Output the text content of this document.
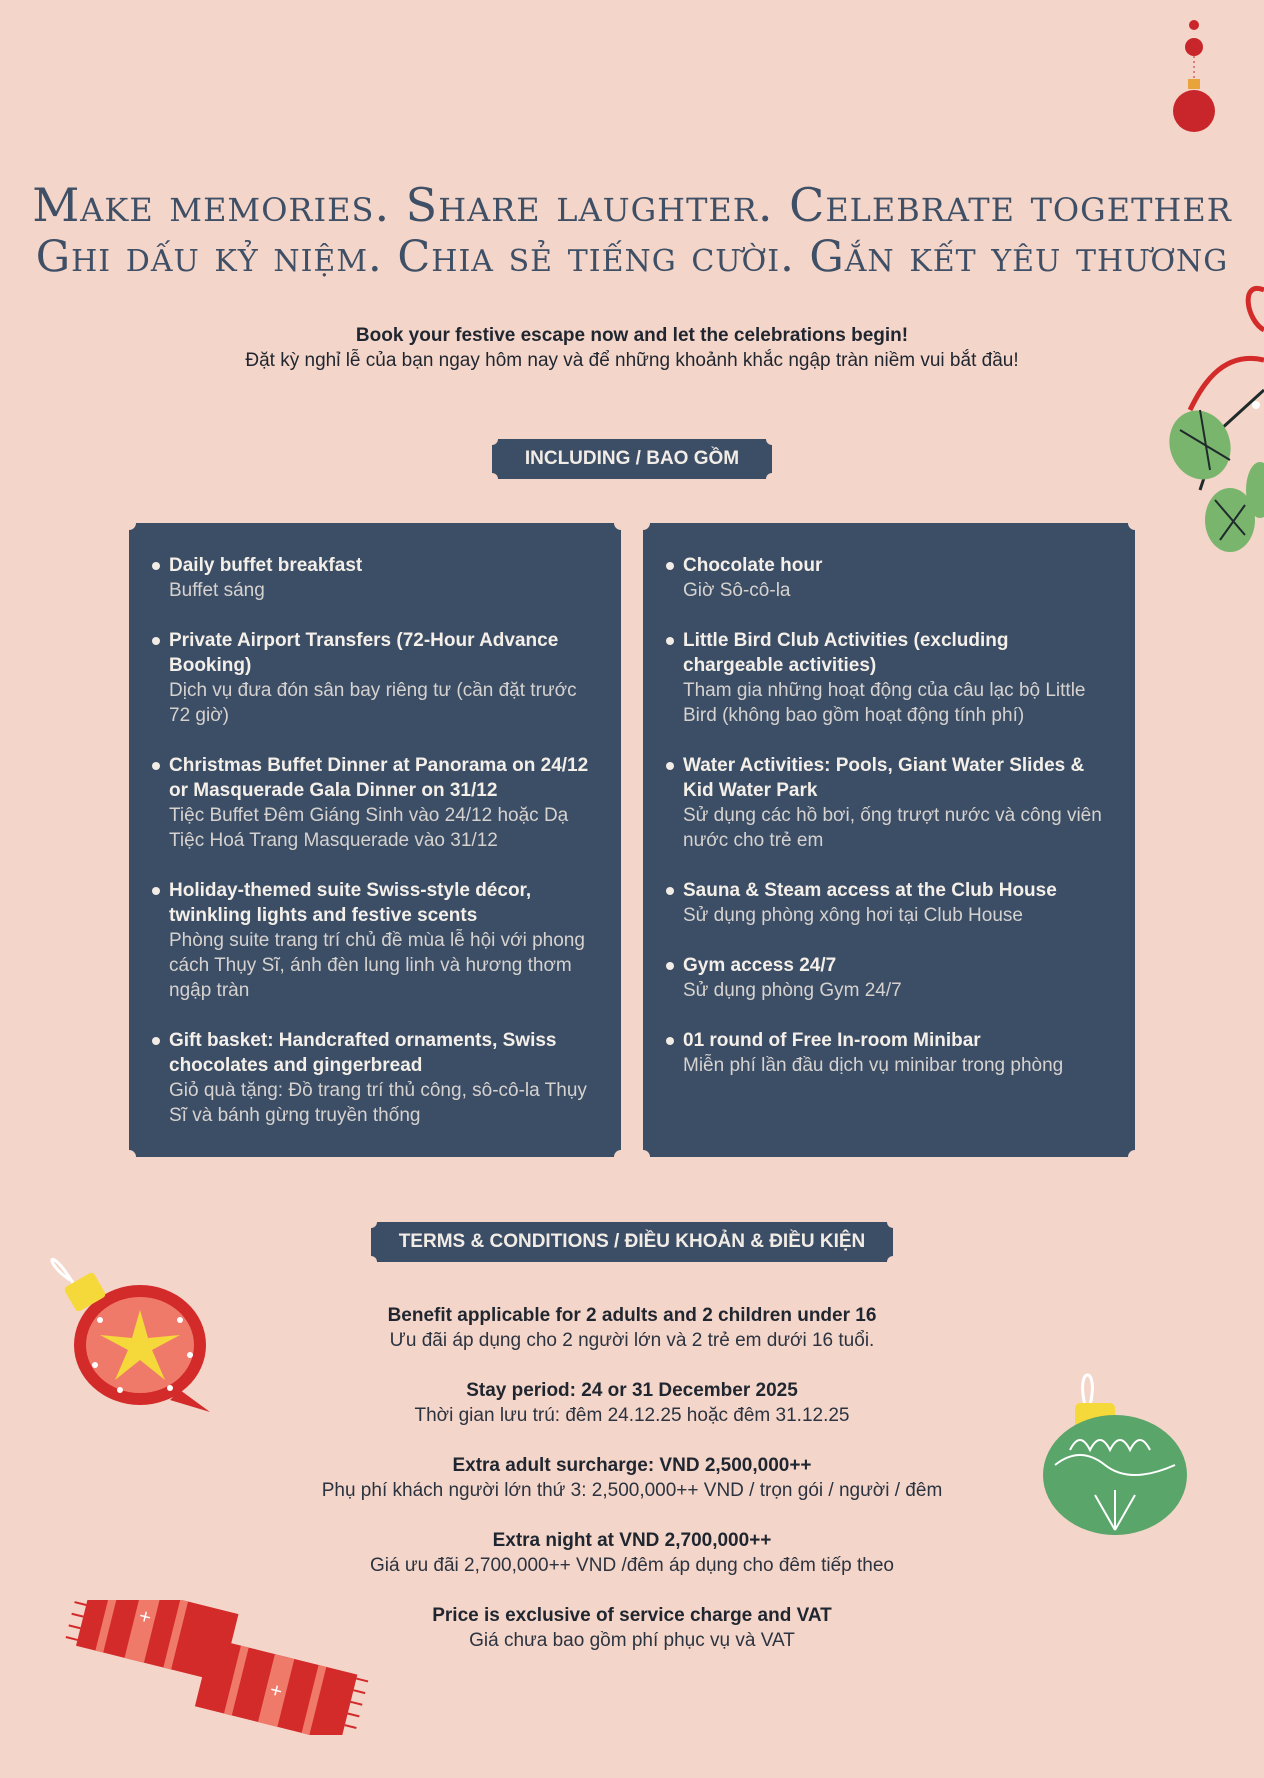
Make memories. Share laughter. Celebrate together
Ghi dấu kỷ niệm. Chia sẻ tiếng cười. Gắn kết yêu thương
Book your festive escape now and let the celebrations begin!
Đặt kỳ nghỉ lễ của bạn ngay hôm nay và để những khoảnh khắc ngập tràn niềm vui bắt đầu!
INCLUDING / BAO GỒM
Daily buffet breakfast
Buffet sáng
Private Airport Transfers (72-Hour Advance Booking)
Dịch vụ đưa đón sân bay riêng tư (cần đặt trước 72 giờ)
Christmas Buffet Dinner at Panorama on 24/12 or Masquerade Gala Dinner on 31/12
Tiệc Buffet Đêm Giáng Sinh vào 24/12 hoặc Dạ Tiệc Hoá Trang Masquerade vào 31/12
Holiday-themed suite Swiss-style décor, twinkling lights and festive scents
Phòng suite trang trí chủ đề mùa lễ hội với phong cách Thụy Sĩ, ánh đèn lung linh và hương thơm ngập tràn
Gift basket: Handcrafted ornaments, Swiss chocolates and gingerbread
Giỏ quà tặng: Đồ trang trí thủ công, sô-cô-la Thụy Sĩ và bánh gừng truyền thống
Chocolate hour
Giờ Sô-cô-la
Little Bird Club Activities (excluding chargeable activities)
Tham gia những hoạt động của câu lạc bộ Little Bird (không bao gồm hoạt động tính phí)
Water Activities: Pools, Giant Water Slides & Kid Water Park
Sử dụng các hồ bơi, ống trượt nước và công viên nước cho trẻ em
Sauna & Steam access at the Club House
Sử dụng phòng xông hơi tại Club House
Gym access 24/7
Sử dụng phòng Gym 24/7
01 round of Free In-room Minibar
Miễn phí lần đầu dịch vụ minibar trong phòng
TERMS & CONDITIONS / ĐIỀU KHOẢN & ĐIỀU KIỆN
Benefit applicable for 2 adults and 2 children under 16
Ưu đãi áp dụng cho 2 người lớn và 2 trẻ em dưới 16 tuổi.
Stay period: 24 or 31 December 2025
Thời gian lưu trú: đêm 24.12.25 hoặc đêm 31.12.25
Extra adult surcharge: VND 2,500,000++
Phụ phí khách người lớn thứ 3: 2,500,000++ VND / trọn gói / người / đêm
Extra night at VND 2,700,000++
Giá ưu đãi 2,700,000++ VND /đêm áp dụng cho đêm tiếp theo
Price is exclusive of service charge and VAT
Giá chưa bao gồm phí phục vụ và VAT
